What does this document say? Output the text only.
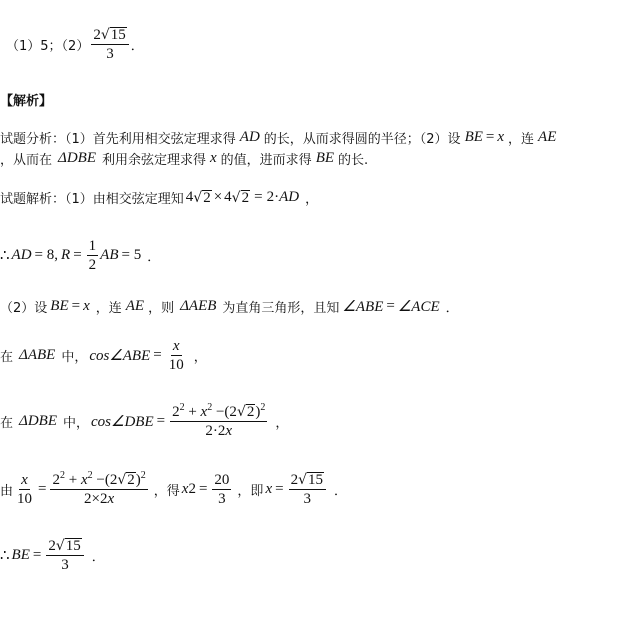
（1）5；$(2) \frac{2 √ 15}{3}$ ．
【解析】
试题分析：（1）首先利用相交弦定理求得 AD 的长，从而求得圆的半径；（2）设 BE = x ，连 AE
，从而在 ΔDBE 利用余弦定理求得 x 的值，进而求得 BE 的长.
试题解析：（1）由相交弦定理知 4 √ 2 × 4 √ 2 = 2· AD ，
∴ AD = 8, $R = \frac{1}{2}$ AB = 5 ．
（2）设 BE = x ，连 AE ，则 ΔAEB 为直角三角形，且知 ∠ABE = ∠ACE ．
在 ΔABE 中， cos∠ABE = $\frac{x}{10}$ ，
在 ΔDBE 中， cos∠DBE = $\frac{2^2 + x^2 -(2 √ 2 )^2}{2\cdot 2x}$ ，
由 $\frac{x}{10} = \frac{2^2 + x^2 -(2 √ 2 )^2}{2\times 2x}$ ，得 x $2 = \frac{20}{3}$ ，即 $x = \frac{2 √ 15}{3}$ ．
∴ BE = $\frac{2 √ 15}{3}$ ．
